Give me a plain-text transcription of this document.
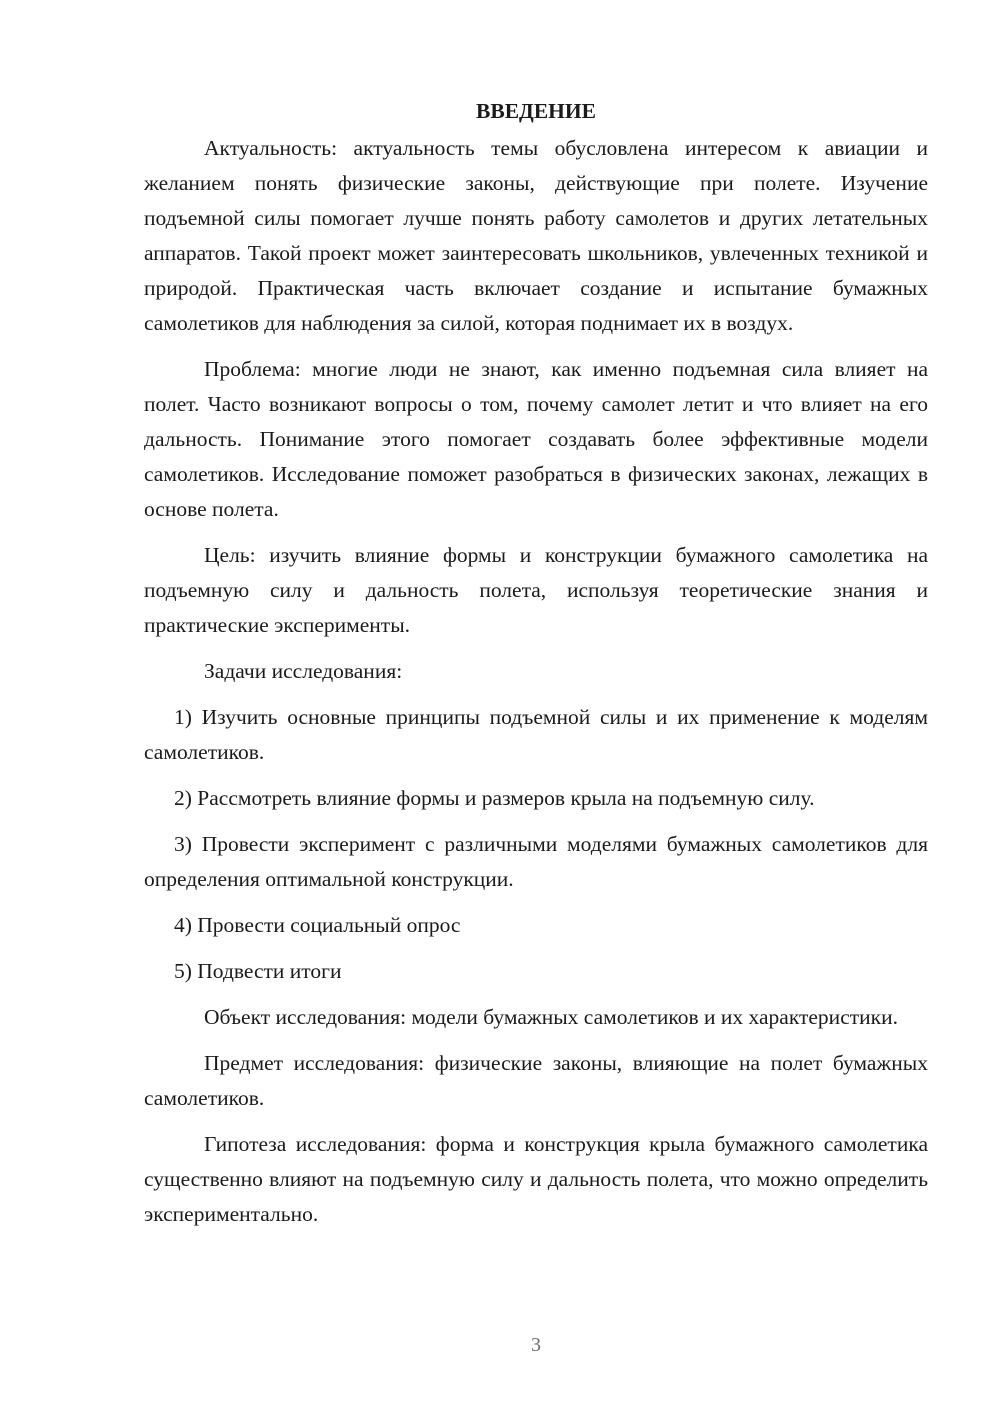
ВВЕДЕНИЕ

Актуальность: актуальность темы обусловлена интересом к авиации и желанием понять физические законы, действующие при полете. Изучение подъемной силы помогает лучше понять работу самолетов и других летательных аппаратов. Такой проект может заинтересовать школьников, увлеченных техникой и природой. Практическая часть включает создание и испытание бумажных самолетиков для наблюдения за силой, которая поднимает их в воздух.

Проблема: многие люди не знают, как именно подъемная сила влияет на полет. Часто возникают вопросы о том, почему самолет летит и что влияет на его дальность. Понимание этого помогает создавать более эффективные модели самолетиков. Исследование поможет разобраться в физических законах, лежащих в основе полета.

Цель: изучить влияние формы и конструкции бумажного самолетика на подъемную силу и дальность полета, используя теоретические знания и практические эксперименты.

Задачи исследования:

1) Изучить основные принципы подъемной силы и их применение к моделям самолетиков.

2) Рассмотреть влияние формы и размеров крыла на подъемную силу.

3) Провести эксперимент с различными моделями бумажных самолетиков для определения оптимальной конструкции.

4) Провести социальный опрос

5) Подвести итоги

Объект исследования: модели бумажных самолетиков и их характеристики.

Предмет исследования: физические законы, влияющие на полет бумажных самолетиков.

Гипотеза исследования: форма и конструкция крыла бумажного самолетика существенно влияют на подъемную силу и дальность полета, что можно определить экспериментально.

3
